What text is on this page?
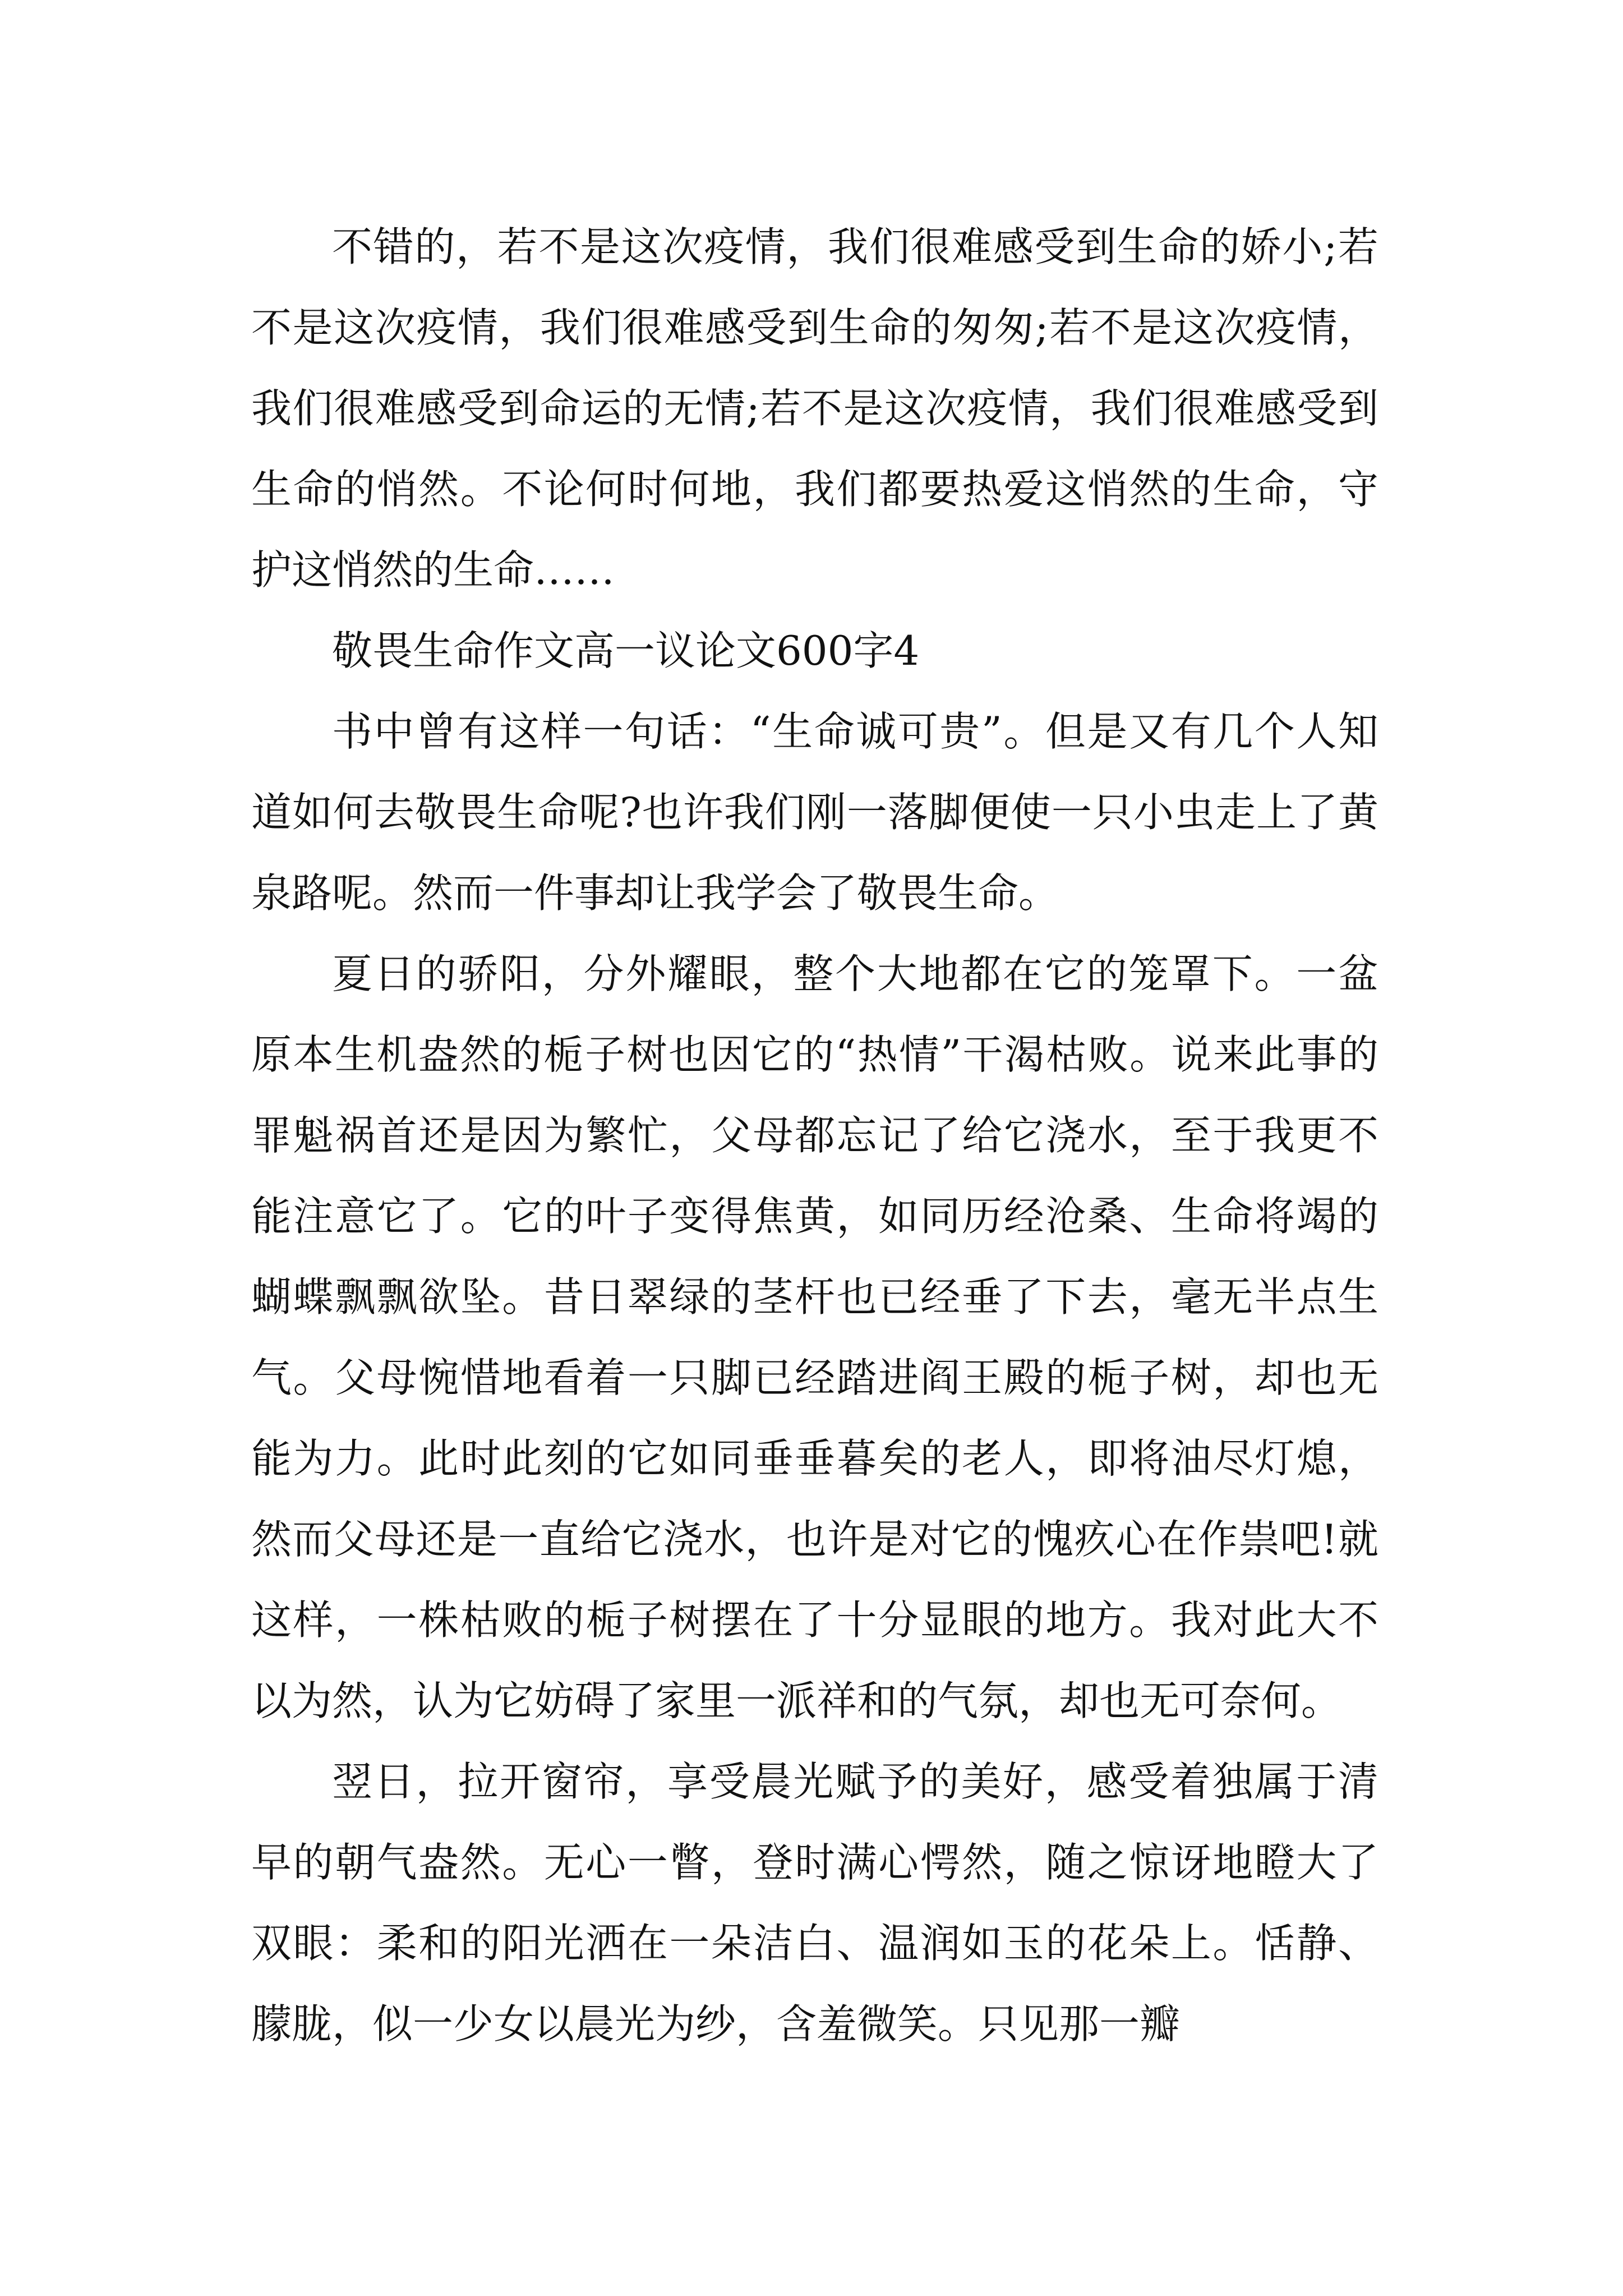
不错的，若不是这次疫情，我们很难感受到生命的娇小;若不是这次疫情，我们很难感受到生命的匆匆;若不是这次疫情，我们很难感受到命运的无情;若不是这次疫情，我们很难感受到生命的悄然。不论何时何地，我们都要热爱这悄然的生命，守护这悄然的生命……

敬畏生命作文高一议论文600字4

书中曾有这样一句话：“生命诚可贵”。但是又有几个人知道如何去敬畏生命呢?也许我们刚一落脚便使一只小虫走上了黄泉路呢。然而一件事却让我学会了敬畏生命。

夏日的骄阳，分外耀眼，整个大地都在它的笼罩下。一盆原本生机盎然的栀子树也因它的“热情”干渴枯败。说来此事的罪魁祸首还是因为繁忙，父母都忘记了给它浇水，至于我更不能注意它了。它的叶子变得焦黄，如同历经沧桑、生命将竭的蝴蝶飘飘欲坠。昔日翠绿的茎杆也已经垂了下去，毫无半点生气。父母惋惜地看着一只脚已经踏进阎王殿的栀子树，却也无能为力。此时此刻的它如同垂垂暮矣的老人，即将油尽灯熄，然而父母还是一直给它浇水，也许是对它的愧疚心在作祟吧!就这样，一株枯败的栀子树摆在了十分显眼的地方。我对此大不以为然，认为它妨碍了家里一派祥和的气氛，却也无可奈何。

翌日，拉开窗帘，享受晨光赋予的美好，感受着独属于清早的朝气盎然。无心一瞥，登时满心愕然，随之惊讶地瞪大了双眼：柔和的阳光洒在一朵洁白、温润如玉的花朵上。恬静、朦胧，似一少女以晨光为纱，含羞微笑。只见那一瓣
